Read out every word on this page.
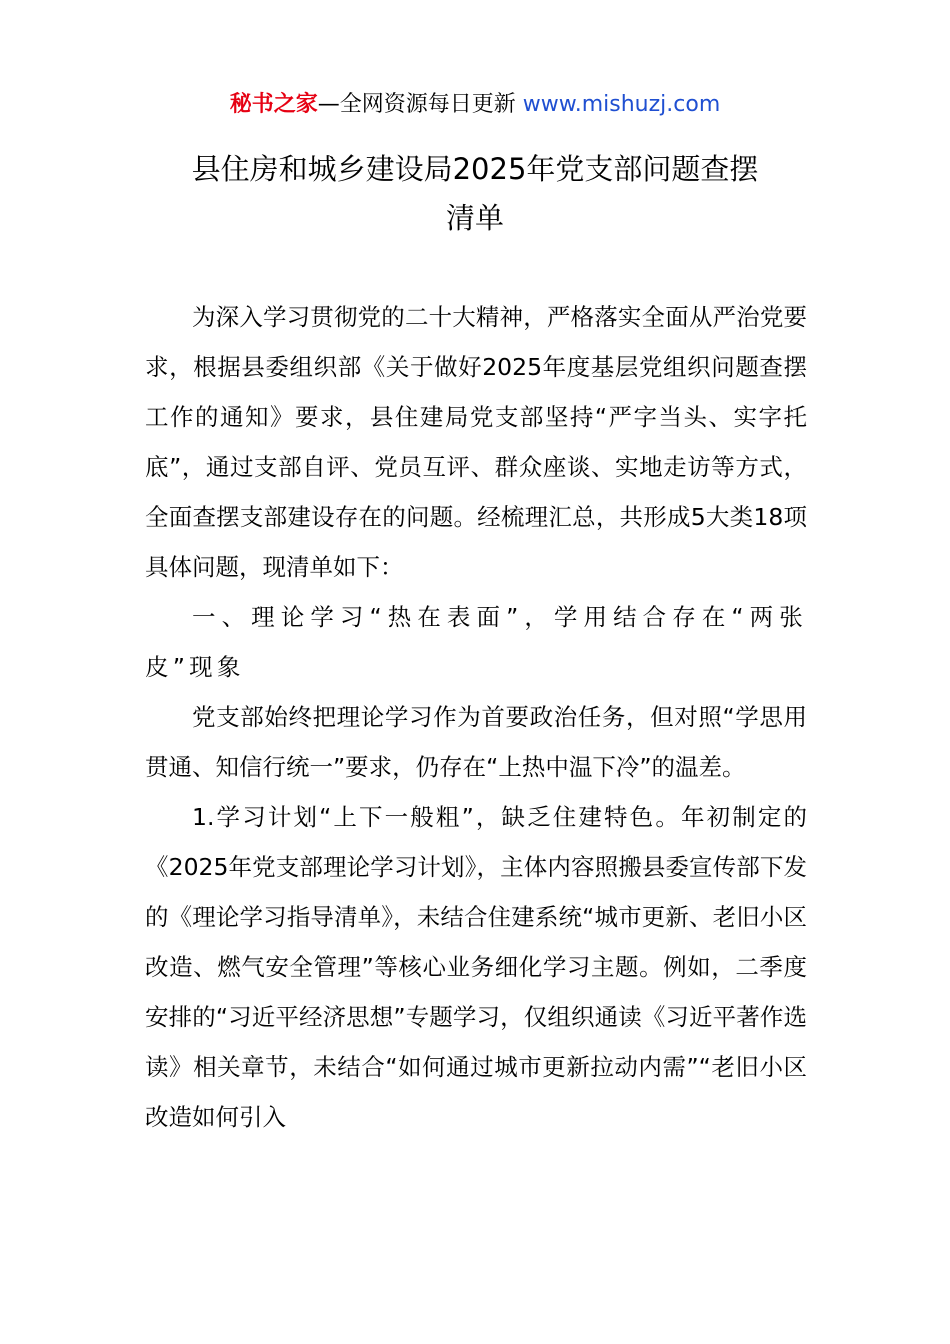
秘书之家—全网资源每日更新 www.mishuzj.com
县住房和城乡建设局2025年党支部问题查摆
清单

为深入学习贯彻党的二十大精神，严格落实全面从严治党要求，根据县委组织部《关于做好2025年度基层党组织问题查摆工作的通知》要求，县住建局党支部坚持“严字当头、实字托底”，通过支部自评、党员互评、群众座谈、实地走访等方式，全面查摆支部建设存在的问题。经梳理汇总，共形成5大类18项具体问题，现清单如下：

一、理论学习“热在表面”，学用结合存在“两张皮”现象

党支部始终把理论学习作为首要政治任务，但对照“学思用贯通、知信行统一”要求，仍存在“上热中温下冷”的温差。

1.学习计划“上下一般粗”，缺乏住建特色。年初制定的《2025年党支部理论学习计划》，主体内容照搬县委宣传部下发的《理论学习指导清单》，未结合住建系统“城市更新、老旧小区改造、燃气安全管理”等核心业务细化学习主题。例如，二季度安排的“习近平经济思想”专题学习，仅组织通读《习近平著作选读》相关章节，未结合“如何通过城市更新拉动内需”“老旧小区改造如何引入
